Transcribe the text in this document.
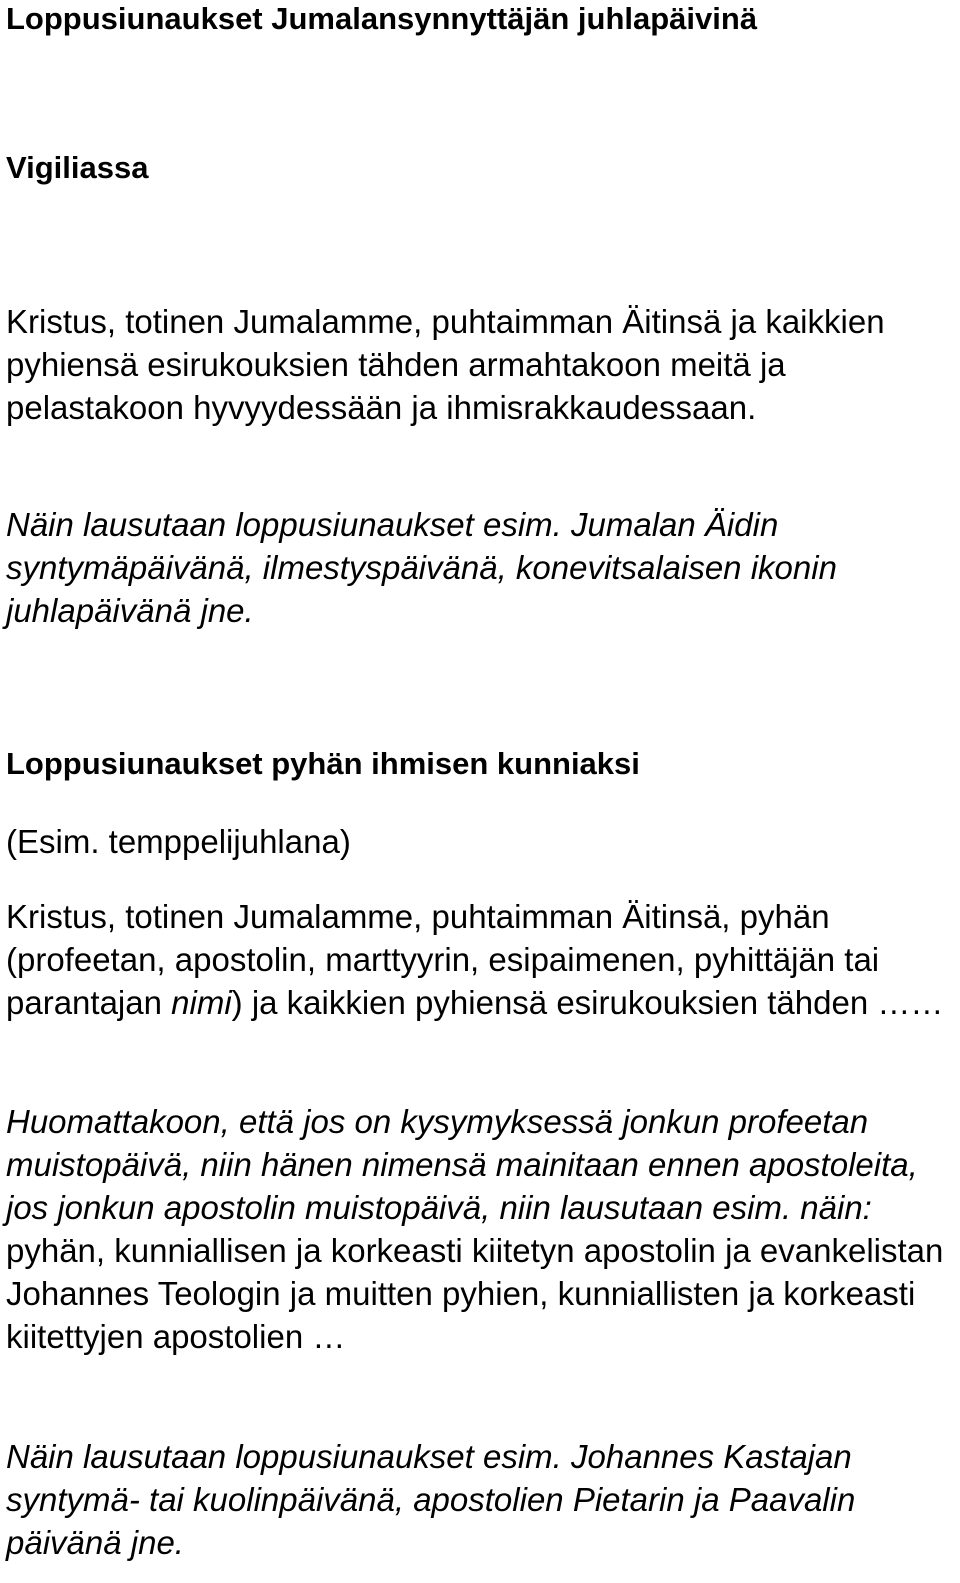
Loppusiunaukset Jumalansynnyttäjän juhlapäivinä
Vigiliassa

Kristus, totinen Jumalamme, puhtaimman Äitinsä ja kaikkien pyhiensä esirukouksien tähden armahtakoon meitä ja pelastakoon hyvyydessään ja ihmisrakkaudessaan.

Näin lausutaan loppusiunaukset esim. Jumalan Äidin syntymäpäivänä, ilmestyspäivänä, konevitsalaisen ikonin juhlapäivänä jne.

Loppusiunaukset pyhän ihmisen kunniaksi

(Esim. temppelijuhlana)

Kristus, totinen Jumalamme, puhtaimman Äitinsä, pyhän (profeetan, apostolin, marttyyrin, esipaimenen, pyhittäjän tai parantajan nimi) ja kaikkien pyhiensä esirukouksien tähden ……

Huomattakoon, että jos on kysymyksessä jonkun profeetan muistopäivä, niin hänen nimensä mainitaan ennen apostoleita, jos jonkun apostolin muistopäivä, niin lausutaan esim. näin: pyhän, kunniallisen ja korkeasti kiitetyn apostolin ja evankelistan Johannes Teologin ja muitten pyhien, kunniallisten ja korkeasti kiitettyjen apostolien …

Näin lausutaan loppusiunaukset esim. Johannes Kastajan syntymä- tai kuolinpäivänä, apostolien Pietarin ja Paavalin päivänä jne.
